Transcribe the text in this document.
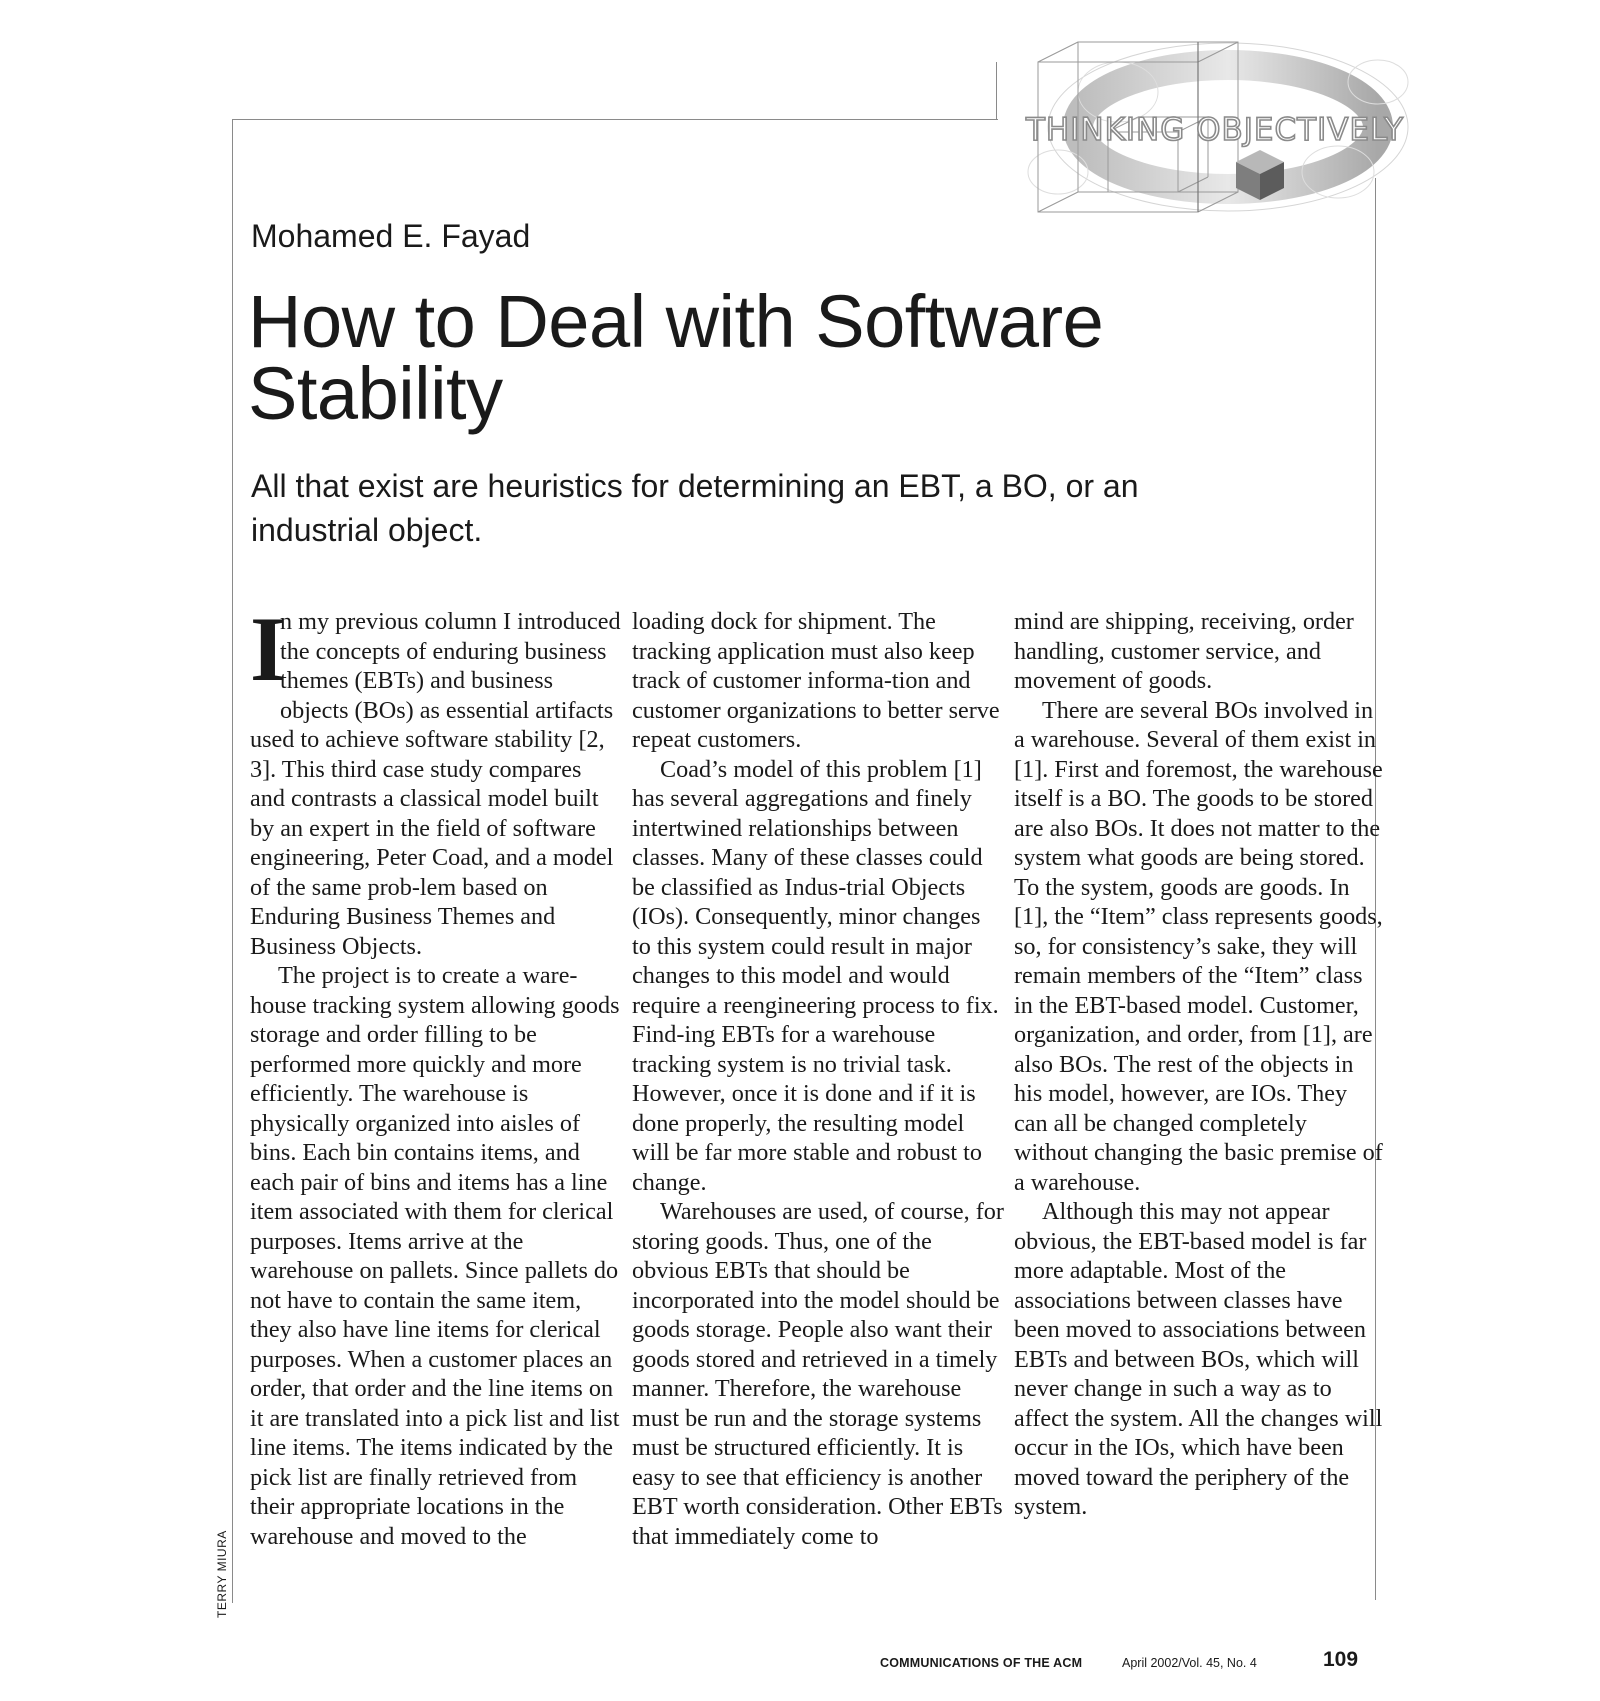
THINKING OBJECTIVELY
Mohamed E. Fayad
How to Deal with Software Stability

All that exist are heuristics for determining an EBT, a BO, or an industrial object.

I
n my previous column I introduced the concepts of enduring business themes (EBTs) and business objects (BOs) as essential artifacts used to achieve software stability [2, 3]. This third case study compares and contrasts a classical model built by an expert in the field of software engineering, Peter Coad, and a model of the same prob-lem based on Enduring Business Themes and Business Objects.

The project is to create a ware-house tracking system allowing goods storage and order filling to be performed more quickly and more efficiently. The warehouse is physically organized into aisles of bins. Each bin contains items, and each pair of bins and items has a line item associated with them for clerical purposes. Items arrive at the warehouse on pallets. Since pallets do not have to contain the same item, they also have line items for clerical purposes. When a customer places an order, that order and the line items on it are translated into a pick list and list line items. The items indicated by the pick list are finally retrieved from their appropriate locations in the warehouse and moved to the

loading dock for shipment. The tracking application must also keep track of customer informa-tion and customer organizations to better serve repeat customers.

Coad’s model of this problem [1] has several aggregations and finely intertwined relationships between classes. Many of these classes could be classified as Indus-trial Objects (IOs). Consequently, minor changes to this system could result in major changes to this model and would require a reengineering process to fix. Find-ing EBTs for a warehouse tracking system is no trivial task. However, once it is done and if it is done properly, the resulting model will be far more stable and robust to change.

Warehouses are used, of course, for storing goods. Thus, one of the obvious EBTs that should be incorporated into the model should be goods storage. People also want their goods stored and retrieved in a timely manner. Therefore, the warehouse must be run and the storage systems must be structured efficiently. It is easy to see that efficiency is another EBT worth consideration. Other EBTs that immediately come to

mind are shipping, receiving, order handling, customer service, and movement of goods.

There are several BOs involved in a warehouse. Several of them exist in [1]. First and foremost, the warehouse itself is a BO. The goods to be stored are also BOs. It does not matter to the system what goods are being stored. To the system, goods are goods. In [1], the “Item” class represents goods, so, for consistency’s sake, they will remain members of the “Item” class in the EBT-based model. Customer, organization, and order, from [1], are also BOs. The rest of the objects in his model, however, are IOs. They can all be changed completely without changing the basic premise of a warehouse.

Although this may not appear obvious, the EBT-based model is far more adaptable. Most of the associations between classes have been moved to associations between EBTs and between BOs, which will never change in such a way as to affect the system. All the changes will occur in the IOs, which have been moved toward the periphery of the system.

TERRY MIURA
COMMUNICATIONS OF THE ACM	April 2002/Vol. 45, No. 4	109
